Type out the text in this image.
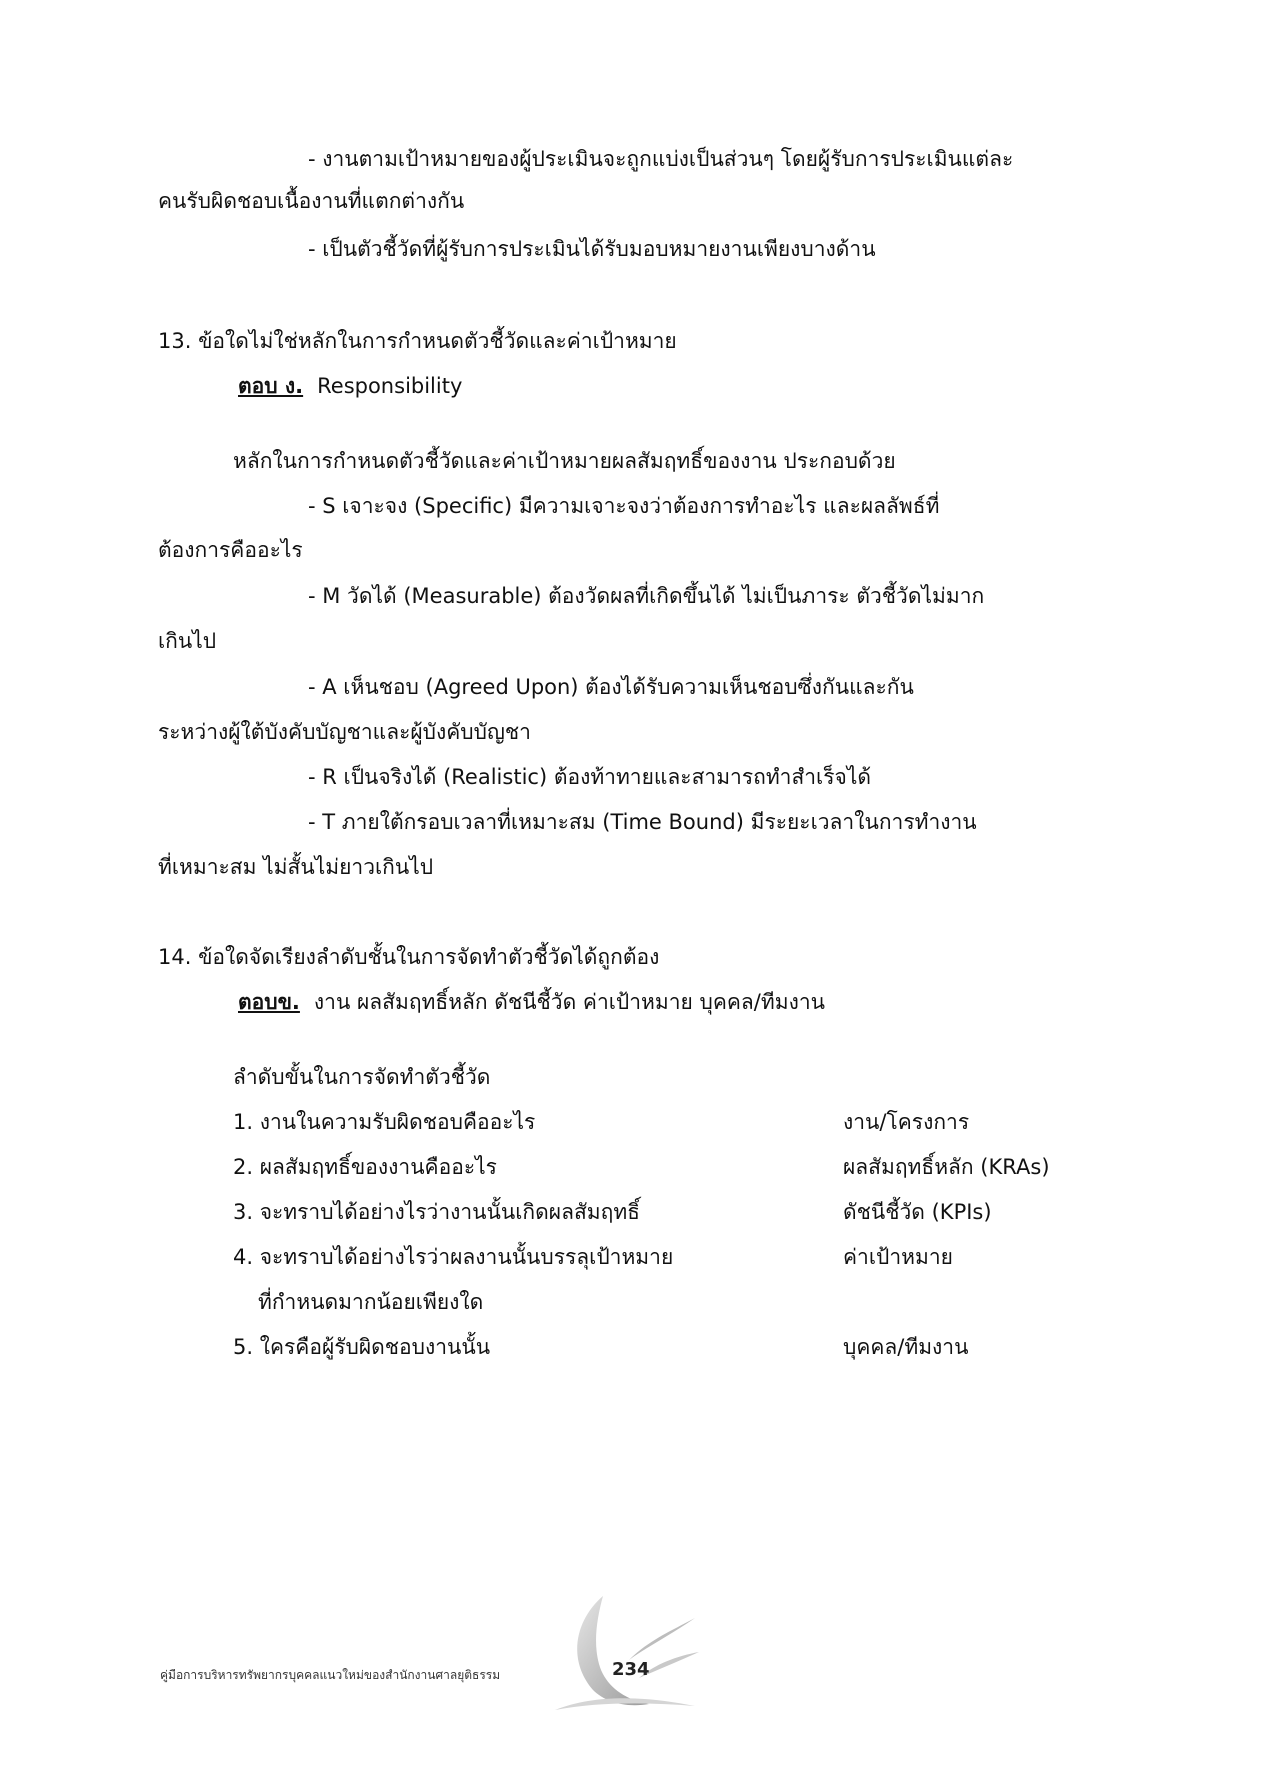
- งานตามเป้าหมายของผู้ประเมินจะถูกแบ่งเป็นส่วนๆ โดยผู้รับการประเมินแต่ละ
คนรับผิดชอบเนื้องานที่แตกต่างกัน
- เป็นตัวชี้วัดที่ผู้รับการประเมินได้รับมอบหมายงานเพียงบางด้าน
13. ข้อใดไม่ใช่หลักในการกำหนดตัวชี้วัดและค่าเป้าหมาย
ตอบ ง. Responsibility
หลักในการกำหนดตัวชี้วัดและค่าเป้าหมายผลสัมฤทธิ์ของงาน ประกอบด้วย
- S เจาะจง (Specific) มีความเจาะจงว่าต้องการทำอะไร และผลลัพธ์ที่
ต้องการคืออะไร
- M วัดได้ (Measurable) ต้องวัดผลที่เกิดขึ้นได้ ไม่เป็นภาระ ตัวชี้วัดไม่มาก
เกินไป
- A เห็นชอบ (Agreed Upon) ต้องได้รับความเห็นชอบซึ่งกันและกัน
ระหว่างผู้ใต้บังคับบัญชาและผู้บังคับบัญชา
- R เป็นจริงได้ (Realistic) ต้องท้าทายและสามารถทำสำเร็จได้
- T ภายใต้กรอบเวลาที่เหมาะสม (Time Bound) มีระยะเวลาในการทำงาน
ที่เหมาะสม ไม่สั้นไม่ยาวเกินไป
14. ข้อใดจัดเรียงลำดับชั้นในการจัดทำตัวชี้วัดได้ถูกต้อง
ตอบข. งาน ผลสัมฤทธิ์หลัก ดัชนีชี้วัด ค่าเป้าหมาย บุคคล/ทีมงาน
ลำดับขั้นในการจัดทำตัวชี้วัด
1. งานในความรับผิดชอบคืออะไร	งาน/โครงการ
2. ผลสัมฤทธิ์ของงานคืออะไร	ผลสัมฤทธิ์หลัก (KRAs)
3. จะทราบได้อย่างไรว่างานนั้นเกิดผลสัมฤทธิ์	ดัชนีชี้วัด (KPIs)
4. จะทราบได้อย่างไรว่าผลงานนั้นบรรลุเป้าหมาย	ค่าเป้าหมาย
ที่กำหนดมากน้อยเพียงใด
5. ใครคือผู้รับผิดชอบงานนั้น	บุคคล/ทีมงาน
คู่มือการบริหารทรัพยากรบุคคลแนวใหม่ของสำนักงานศาลยุติธรรม	234
